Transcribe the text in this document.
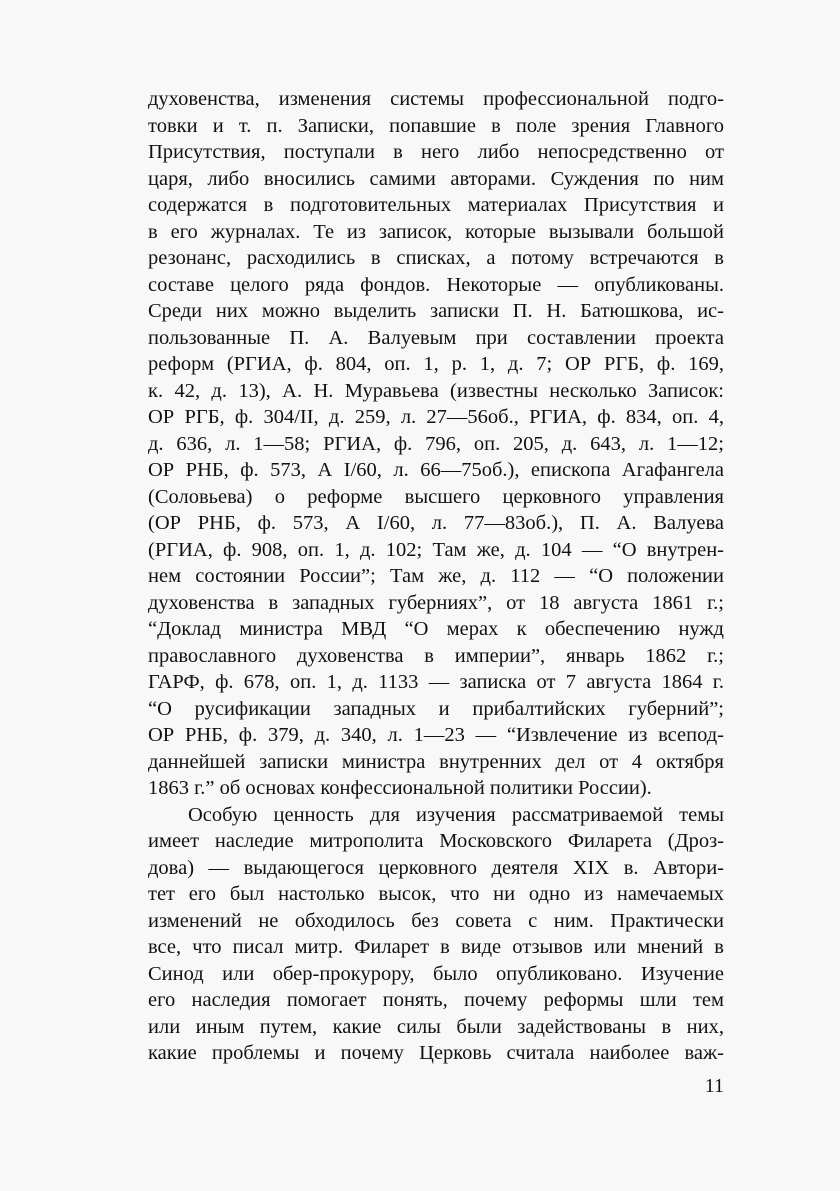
духовенства, изменения системы профессиональной подго-
товки и т. п. Записки, попавшие в поле зрения Главного
Присутствия, поступали в него либо непосредственно от
царя, либо вносились самими авторами. Суждения по ним
содержатся в подготовительных материалах Присутствия и
в его журналах. Те из записок, которые вызывали большой
резонанс, расходились в списках, а потому встречаются в
составе целого ряда фондов. Некоторые — опубликованы.
Среди них можно выделить записки П. Н. Батюшкова, ис-
пользованные П. А. Валуевым при составлении проекта
реформ (РГИА, ф. 804, оп. 1, р. 1, д. 7; ОР РГБ, ф. 169,
к. 42, д. 13), А. Н. Муравьева (известны несколько Записок:
ОР РГБ, ф. 304/II, д. 259, л. 27—56об., РГИА, ф. 834, оп. 4,
д. 636, л. 1—58; РГИА, ф. 796, оп. 205, д. 643, л. 1—12;
ОР РНБ, ф. 573, А I/60, л. 66—75об.), епископа Агафангела
(Соловьева) о реформе высшего церковного управления
(ОР РНБ, ф. 573, А I/60, л. 77—83об.), П. А. Валуева
(РГИА, ф. 908, оп. 1, д. 102; Там же, д. 104 — “О внутрен-
нем состоянии России”; Там же, д. 112 — “О положении
духовенства в западных губерниях”, от 18 августа 1861 г.;
“Доклад министра МВД “О мерах к обеспечению нужд
православного духовенства в империи”, январь 1862 г.;
ГАРФ, ф. 678, оп. 1, д. 1133 — записка от 7 августа 1864 г.
“О русификации западных и прибалтийских губерний”;
ОР РНБ, ф. 379, д. 340, л. 1—23 — “Извлечение из всепод-
даннейшей записки министра внутренних дел от 4 октября
1863 г.” об основах конфессиональной политики России).
Особую ценность для изучения рассматриваемой темы
имеет наследие митрополита Московского Филарета (Дроз-
дова) — выдающегося церковного деятеля XIX в. Автори-
тет его был настолько высок, что ни одно из намечаемых
изменений не обходилось без совета с ним. Практически
все, что писал митр. Филарет в виде отзывов или мнений в
Синод или обер-прокурору, было опубликовано. Изучение
его наследия помогает понять, почему реформы шли тем
или иным путем, какие силы были задействованы в них,
какие проблемы и почему Церковь считала наиболее важ-
11
